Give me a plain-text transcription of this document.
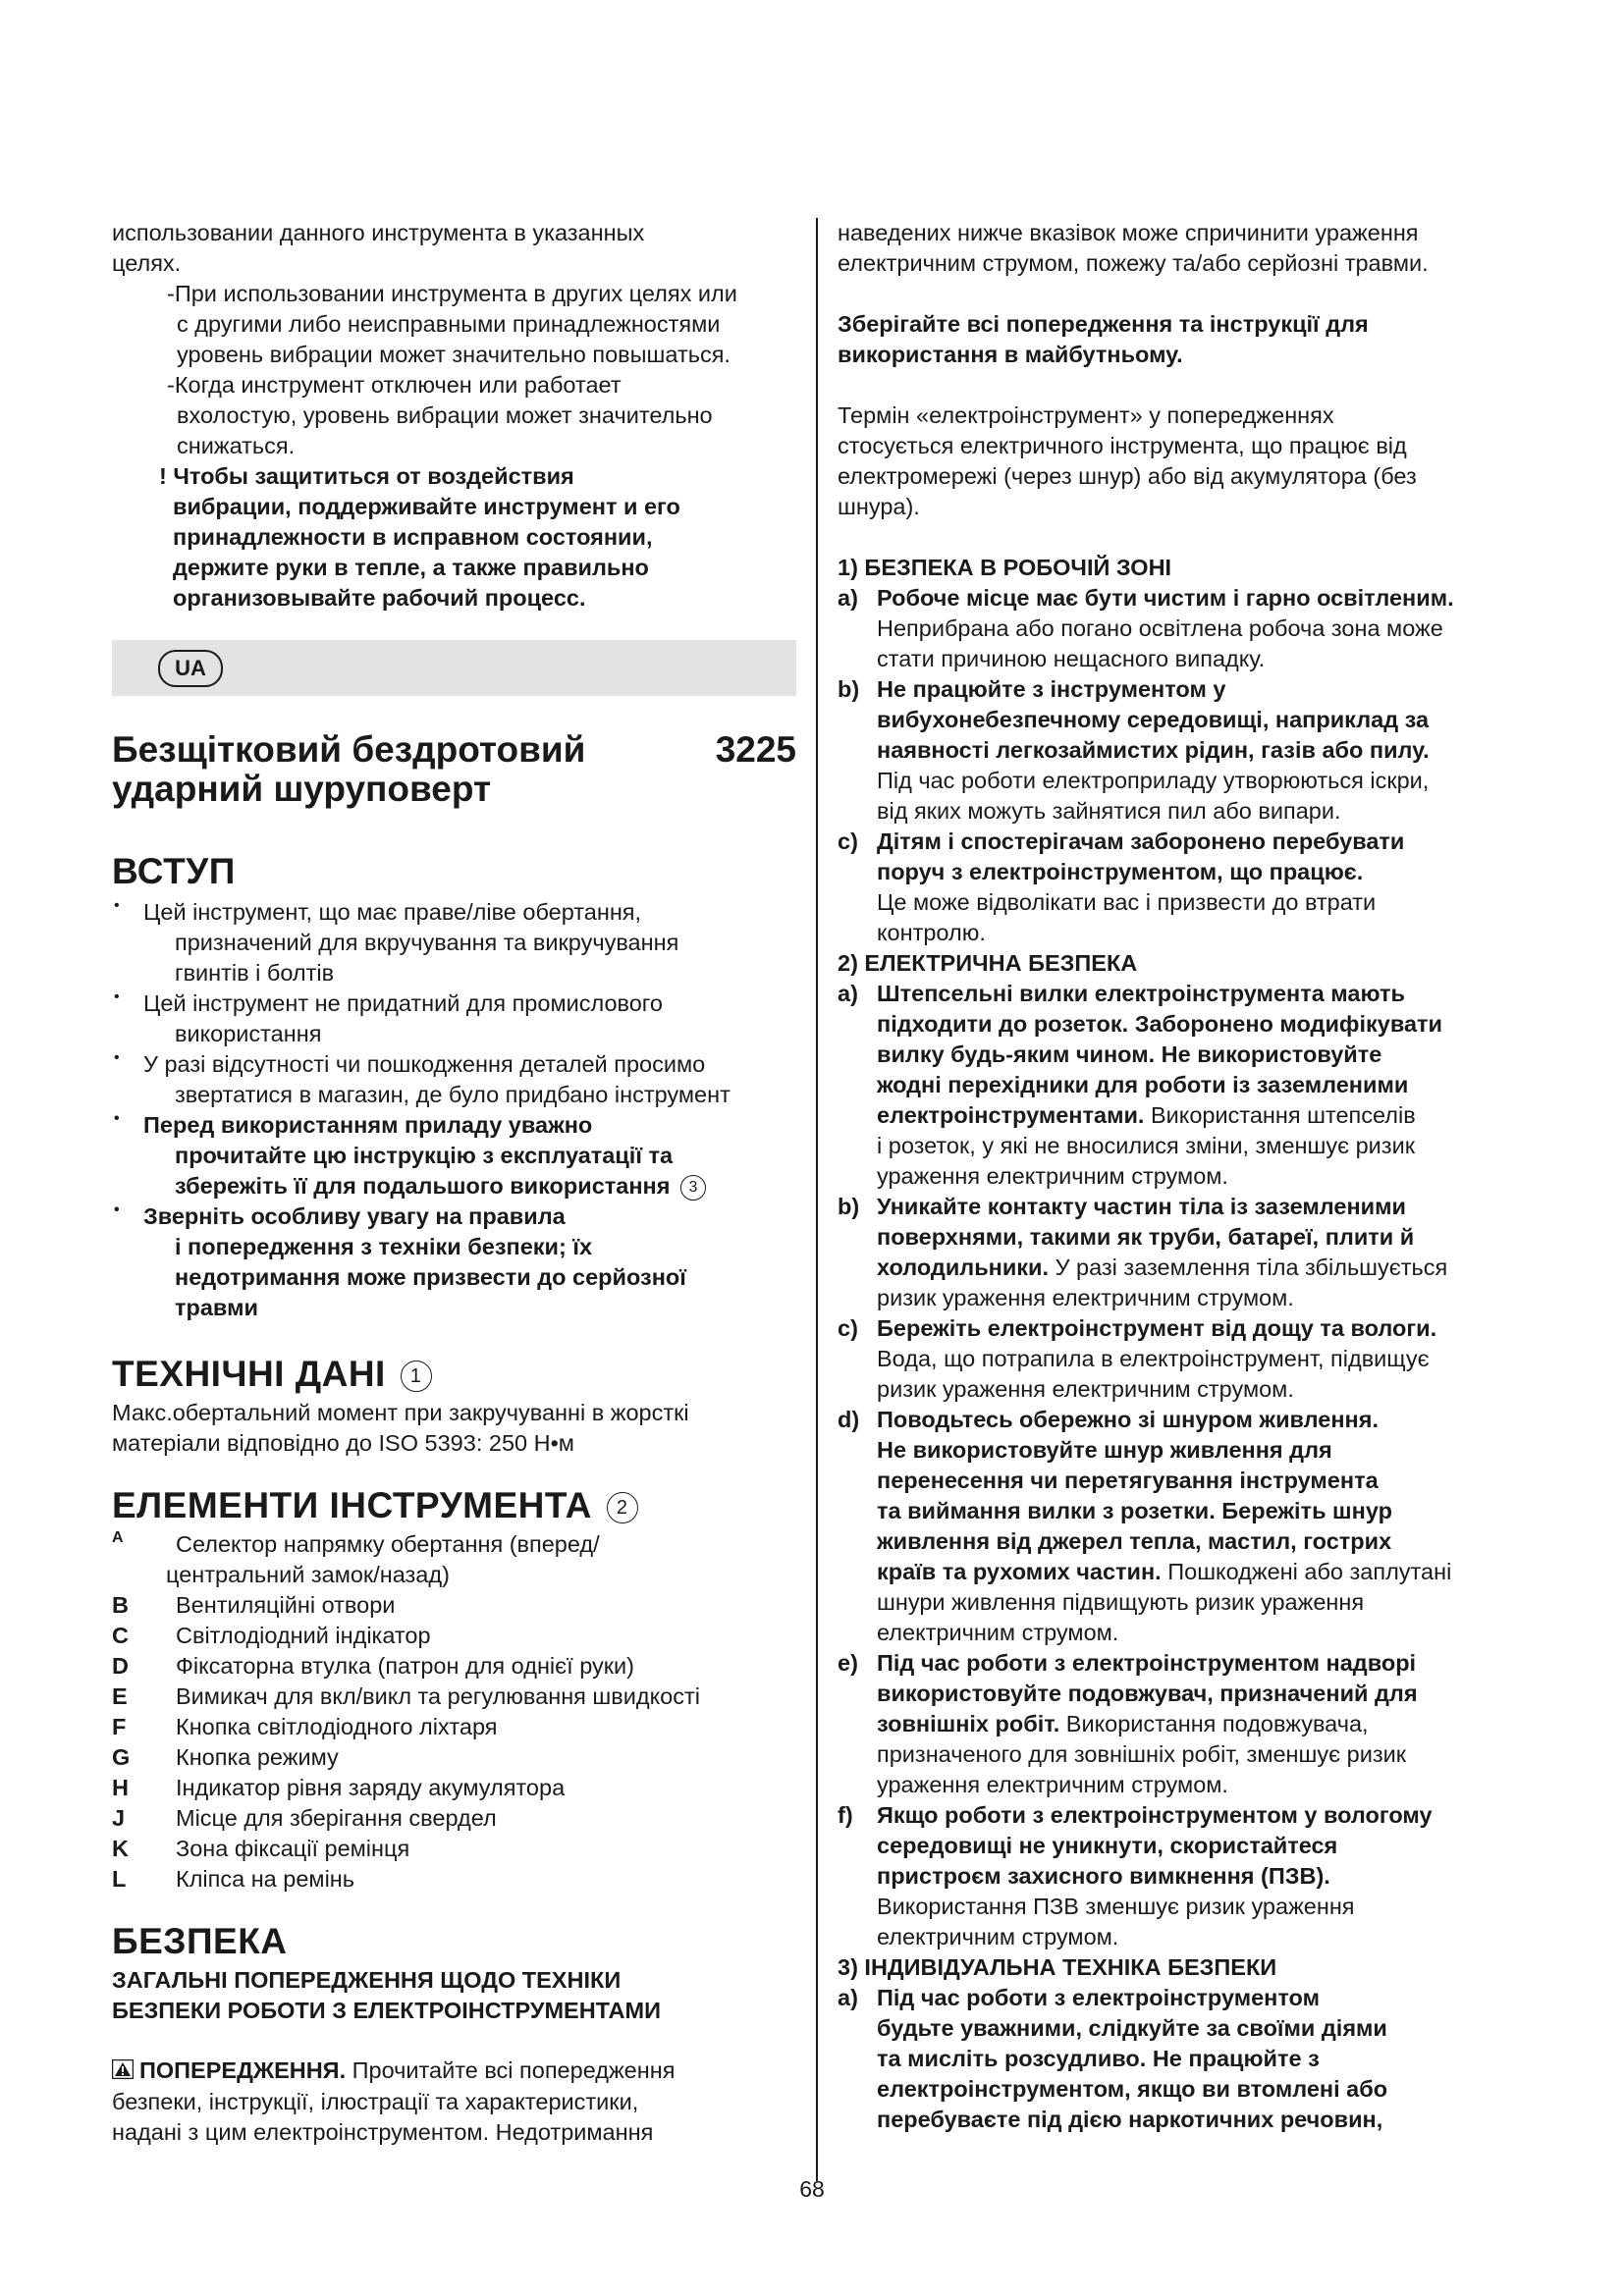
использовании данного инструмента в указанных

целях.

-При использовании инструмента в других целях или

с другими либо неисправными принадлежностями

уровень вибрации может значительно повышаться.

-Когда инструмент отключен или работает

вхолостую, уровень вибрации может значительно

снижаться.

! Чтобы защититься от воздействия

вибрации, поддерживайте инструмент и его

принадлежности в исправном состоянии,

держите руки в тепле, а также правильно

организовывайте рабочий процесс.

UA
Безщітковий бездротовий
ударний шуруповерт
3225
ВСТУП
•	Цей інструмент, що має праве/ліве обертання,

призначений для вкручування та викручування

гвинтів і болтів

•	Цей інструмент не придатний для промислового

використання

•	У разі відсутності чи пошкодження деталей просимо

звертатися в магазин, де було придбано інструмент

•	Перед використанням приладу уважно

прочитайте цю інструкцію з експлуатації та

збережіть її для подальшого використання 3

•	Зверніть особливу увагу на правила

і попередження з техніки безпеки; їх

недотримання може призвести до серйозної

травми

ТЕХНІЧНІ ДАНІ 1

Макс.обертальний момент при закручуванні в жорсткі

матеріали відповідно до ISO 5393: 250 Н•м

ЕЛЕМЕНТИ ІНСТРУМЕНТА 2
A	Селектор напрямку обертання (вперед/

центральний замок/назад)

B	Вентиляційні отвори

C	Світлодіодний індікатор

D	Фіксаторна втулка (патрон для однієї руки)

E	Вимикач для вкл/викл та регулювання швидкості

F	Кнопка світлодіодного ліхтаря

G	Кнопка режиму

H	Індикатор рівня заряду акумулятора

J	Місце для зберігання свердел

K	Зона фіксації ремінця

L	Кліпса на ремінь

БЕЗПЕКА

ЗАГАЛЬНІ ПОПЕРЕДЖЕННЯ ЩОДО ТЕХНІКИ

БЕЗПЕКИ РОБОТИ З ЕЛЕКТРОІНСТРУМЕНТАМИ

ПОПЕРЕДЖЕННЯ. Прочитайте всі попередження

безпеки, інструкції, ілюстрації та характеристики,

надані з цим електроінструментом. Недотримання

наведених нижче вказівок може спричинити ураження

електричним струмом, пожежу та/або серйозні травми.

Зберігайте всі попередження та інструкції для

використання в майбутньому.

Термін «електроінструмент» у попередженнях

стосується електричного інструмента, що працює від

електромережі (через шнур) або від акумулятора (без

шнура).

1) БЕЗПЕКА В РОБОЧІЙ ЗОНІ

a) Робоче місце має бути чистим і гарно освітленим.

Неприбрана або погано освітлена робоча зона може

стати причиною нещасного випадку.

b) Не працюйте з інструментом у

вибухонебезпечному середовищі, наприклад за

наявності легкозаймистих рідин, газів або пилу.

Під час роботи електроприладу утворюються іскри,

від яких можуть зайнятися пил або випари.

c) Дітям і спостерігачам заборонено перебувати

поруч з електроінструментом, що працює.

Це може відволікати вас і призвести до втрати

контролю.

2) ЕЛЕКТРИЧНА БЕЗПЕКА

a) Штепсельні вилки електроінструмента мають

підходити до розеток. Заборонено модифікувати

вилку будь-яким чином. Не використовуйте

жодні перехідники для роботи із заземленими

електроінструментами. Використання штепселів

і розеток, у які не вносилися зміни, зменшує ризик

ураження електричним струмом.

b) Уникайте контакту частин тіла із заземленими

поверхнями, такими як труби, батареї, плити й

холодильники. У разі заземлення тіла збільшується

ризик ураження електричним струмом.

c) Бережіть електроінструмент від дощу та вологи.

Вода, що потрапила в електроінструмент, підвищує

ризик ураження електричним струмом.

d) Поводьтесь обережно зі шнуром живлення.

Не використовуйте шнур живлення для

перенесення чи перетягування інструмента

та виймання вилки з розетки. Бережіть шнур

живлення від джерел тепла, мастил, гострих

країв та рухомих частин. Пошкоджені або заплутані

шнури живлення підвищують ризик ураження

електричним струмом.

e) Під час роботи з електроінструментом надворі

використовуйте подовжувач, призначений для

зовнішніх робіт. Використання подовжувача,

призначеного для зовнішніх робіт, зменшує ризик

ураження електричним струмом.

f)	Якщо роботи з електроінструментом у вологому

середовищі не уникнути, скористайтеся

пристроєм захисного вимкнення (ПЗВ).

Використання ПЗВ зменшує ризик ураження

електричним струмом.

3) ІНДИВІДУАЛЬНА ТЕХНІКА БЕЗПЕКИ

a) Під час роботи з електроінструментом

будьте уважними, слідкуйте за своїми діями

та мисліть розсудливо. Не працюйте з

електроінструментом, якщо ви втомлені або

перебуваєте під дією наркотичних речовин,

68
